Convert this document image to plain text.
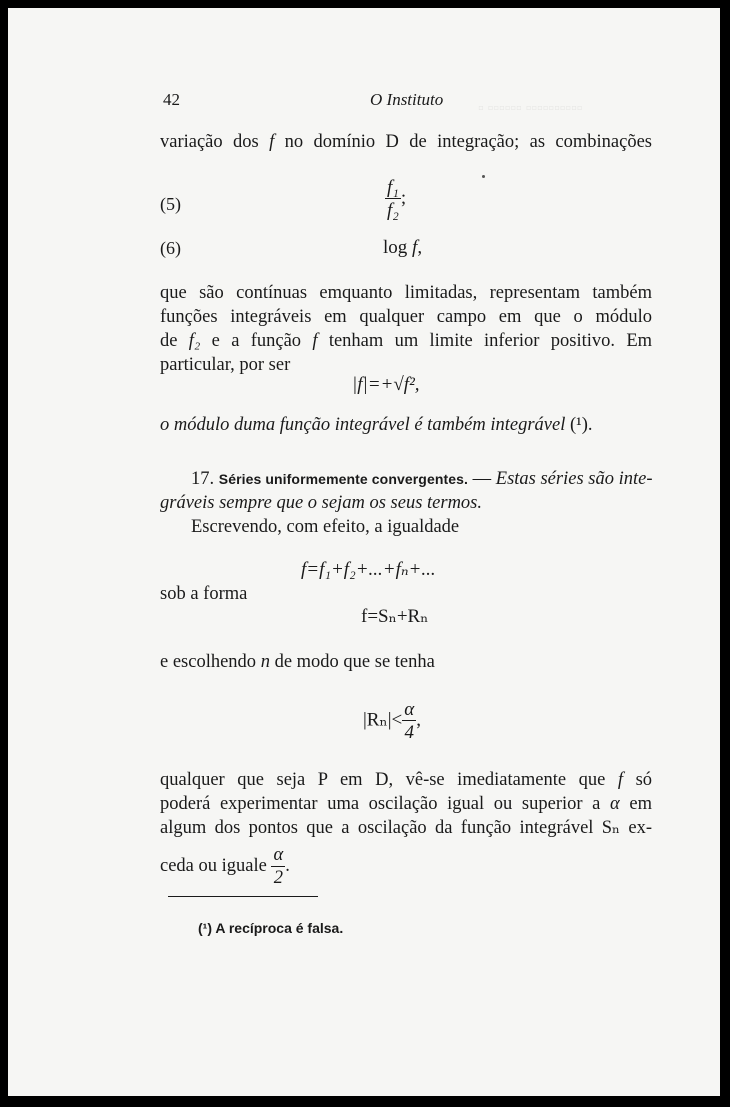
▫ ▫▫▫▫▫▫ ▫▫▫▫▫▫▫▫▫▫
42	O Instituto
variação dos f no domínio D de integração; as combinações
(5)	$\frac{\text{f₁}}{\text{f₂}}$ ;
(6)	log f,
que são contínuas emquanto limitadas, representam também
funções integráveis em qualquer campo em que o módulo
de f₂ e a função f tenham um limite inferior positivo. Em
particular, por ser
|f|=+√f²,
o módulo duma função integrável é também integrável (¹).
17. Séries uniformemente convergentes. — Estas séries são inte-
gráveis sempre que o sejam os seus termos.
Escrevendo, com efeito, a igualdade
f=f₁+f₂+...+fₙ+...
sob a forma
f=Sₙ+Rₙ
e escolhendo n de modo que se tenha
$|R_n|< \frac{\alpha}{4}$ ,
qualquer que seja P em D, vê-se imediatamente que f só
poderá experimentar uma oscilação igual ou superior a α em
algum dos pontos que a oscilação da função integrável Sₙ ex-
ceda ou iguale $\frac{\alpha}{2}$ .
(¹) A recíproca é falsa.
